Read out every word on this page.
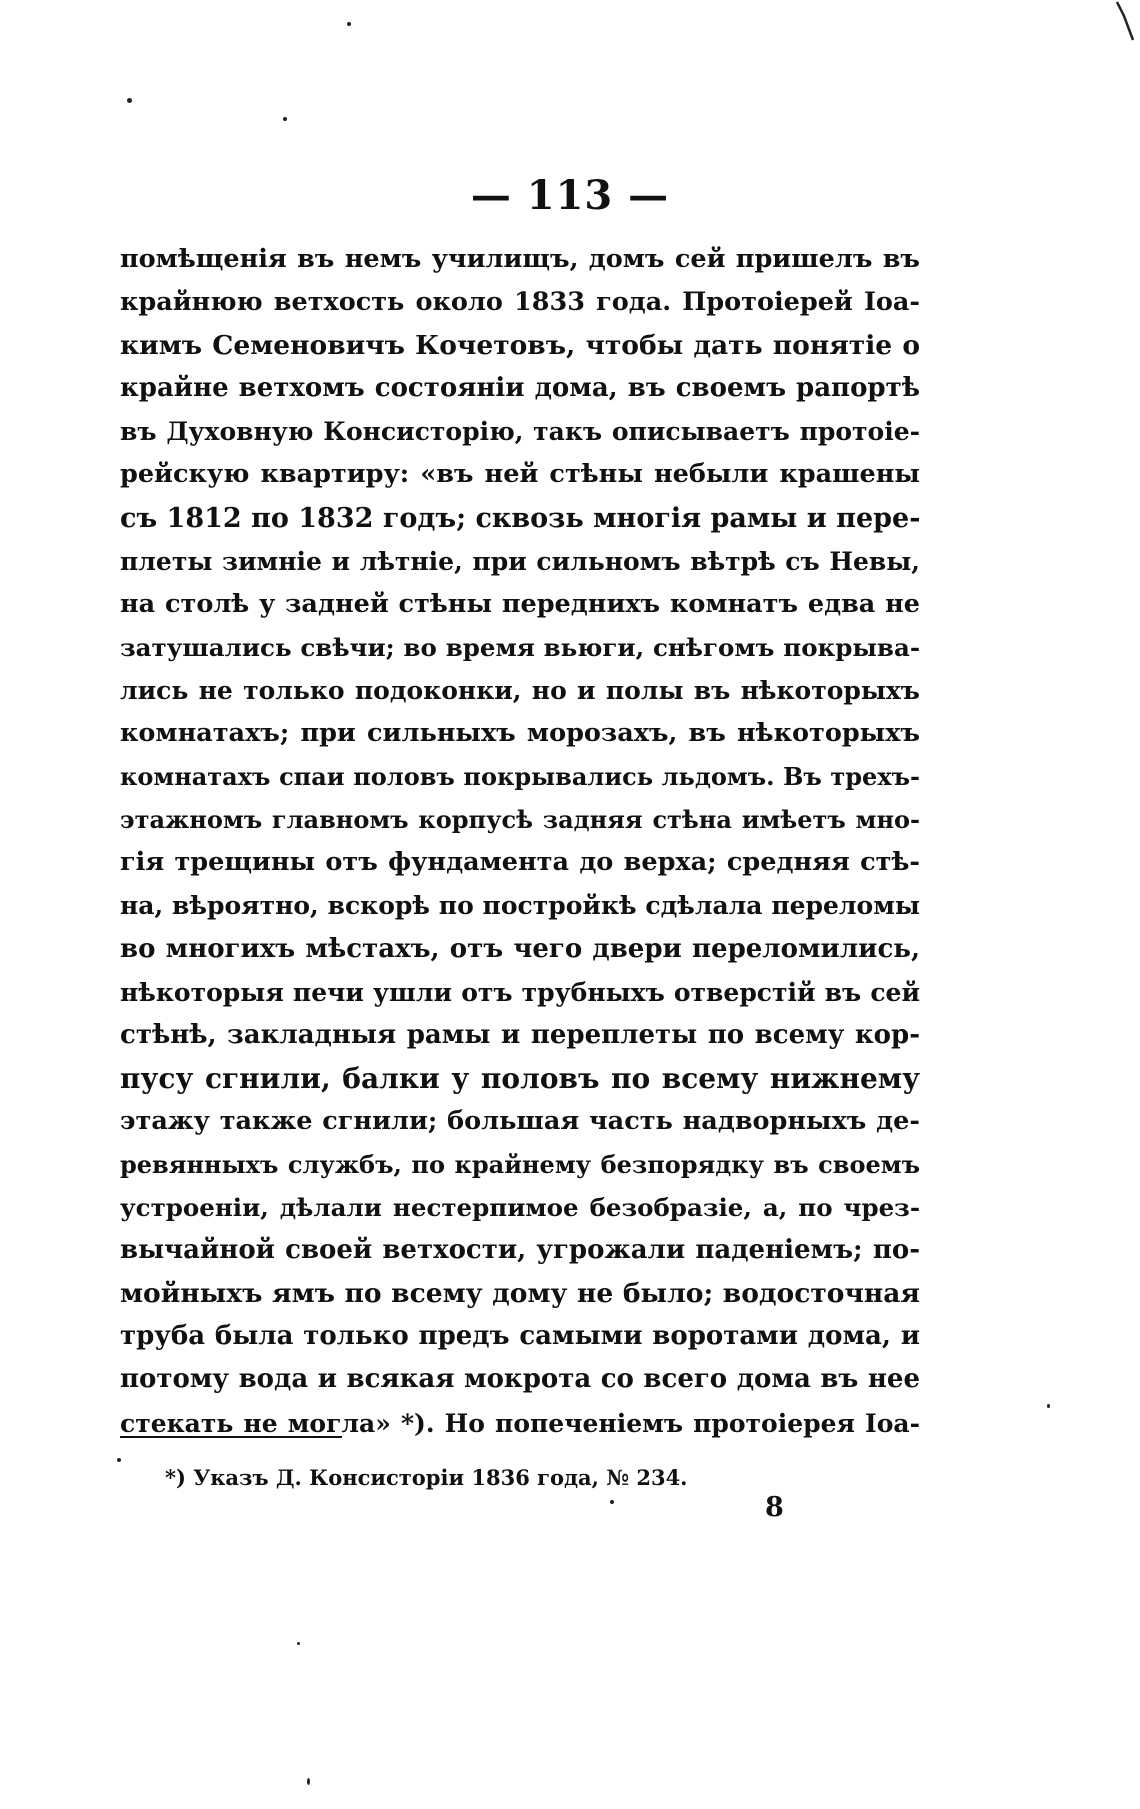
— 113 —
помѣщенія въ немъ училищъ, домъ сей пришелъ въ
крайнюю ветхость около 1833 года. Протоіерей Іоа-
кимъ Семеновичъ Кочетовъ, чтобы дать понятіе о
крайне ветхомъ состояніи дома, въ своемъ рапортѣ
въ Духовную Консисторію, такъ описываетъ протоіе-
рейскую квартиру: «въ ней стѣны небыли крашены
съ 1812 по 1832 годъ; сквозь многія рамы и пере-
плеты зимніе и лѣтніе, при сильномъ вѣтрѣ съ Невы,
на столѣ у задней стѣны переднихъ комнатъ едва не
затушались свѣчи; во время вьюги, снѣгомъ покрыва-
лись не только подоконки, но и полы въ нѣкоторыхъ
комнатахъ; при сильныхъ морозахъ, въ нѣкоторыхъ
комнатахъ спаи половъ покрывались льдомъ. Въ трехъ-
этажномъ главномъ корпусѣ задняя стѣна имѣетъ мно-
гія трещины отъ фундамента до верха; средняя стѣ-
на, вѣроятно, вскорѣ по постройкѣ сдѣлала переломы
во многихъ мѣстахъ, отъ чего двери переломились,
нѣкоторыя печи ушли отъ трубныхъ отверстій въ сей
стѣнѣ, закладныя рамы и переплеты по всему кор-
пусу сгнили, балки у половъ по всему нижнему
этажу также сгнили; большая часть надворныхъ де-
ревянныхъ службъ, по крайнему безпорядку въ своемъ
устроеніи, дѣлали нестерпимое безобразіе, а, по чрез-
вычайной своей ветхости, угрожали паденіемъ; по-
мойныхъ ямъ по всему дому не было; водосточная
труба была только предъ самыми воротами дома, и
потому вода и всякая мокрота со всего дома въ нее
стекать не могла» *). Но попеченіемъ протоіерея Іоа-
*) Указъ Д. Консисторіи 1836 года, № 234.
8
